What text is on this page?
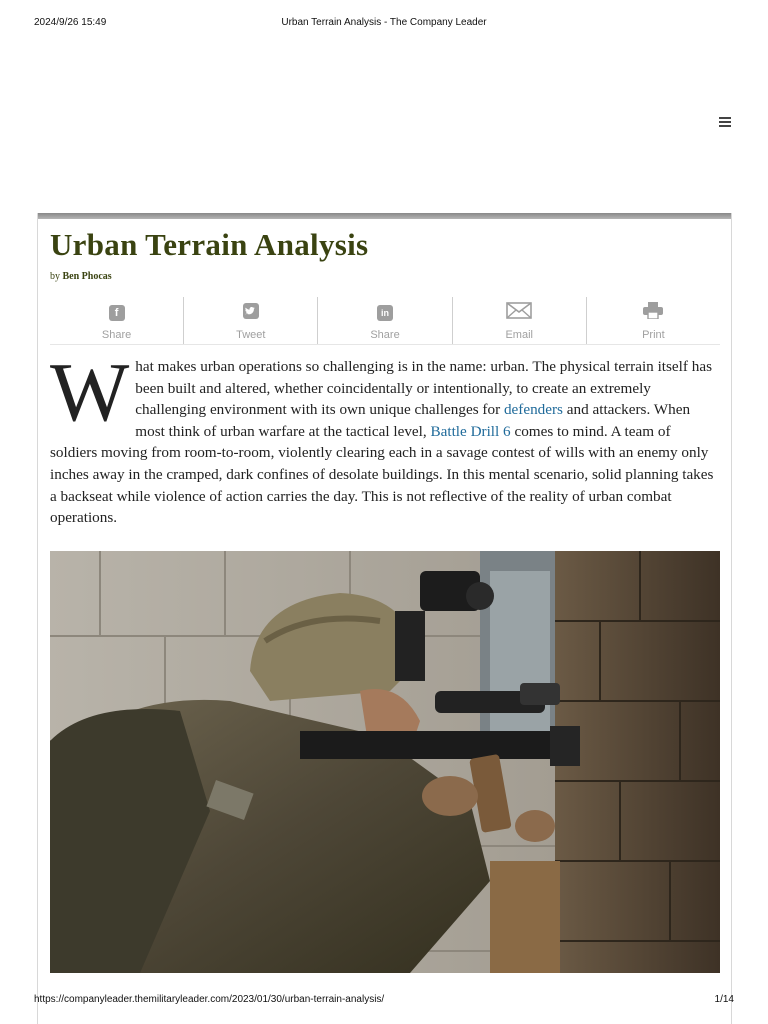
2024/9/26 15:49	Urban Terrain Analysis - The Company Leader
Urban Terrain Analysis
by Ben Phocas
f
Share	Tweet
in
Share	Email	Print
What makes urban operations so challenging is in the name: urban. The physical terrain itself has been built and altered, whether coincidentally or intentionally, to create an extremely challenging environment with its own unique challenges for defenders and attackers. When most think of urban warfare at the tactical level, Battle Drill 6 comes to mind. A team of soldiers moving from room-to-room, violently clearing each in a savage contest of wills with an enemy only inches away in the cramped, dark confines of desolate buildings. In this mental scenario, solid planning takes a backseat while violence of action carries the day. This is not reflective of the reality of urban combat operations.
https://companyleader.themilitaryleader.com/2023/01/30/urban-terrain-analysis/	1/14
